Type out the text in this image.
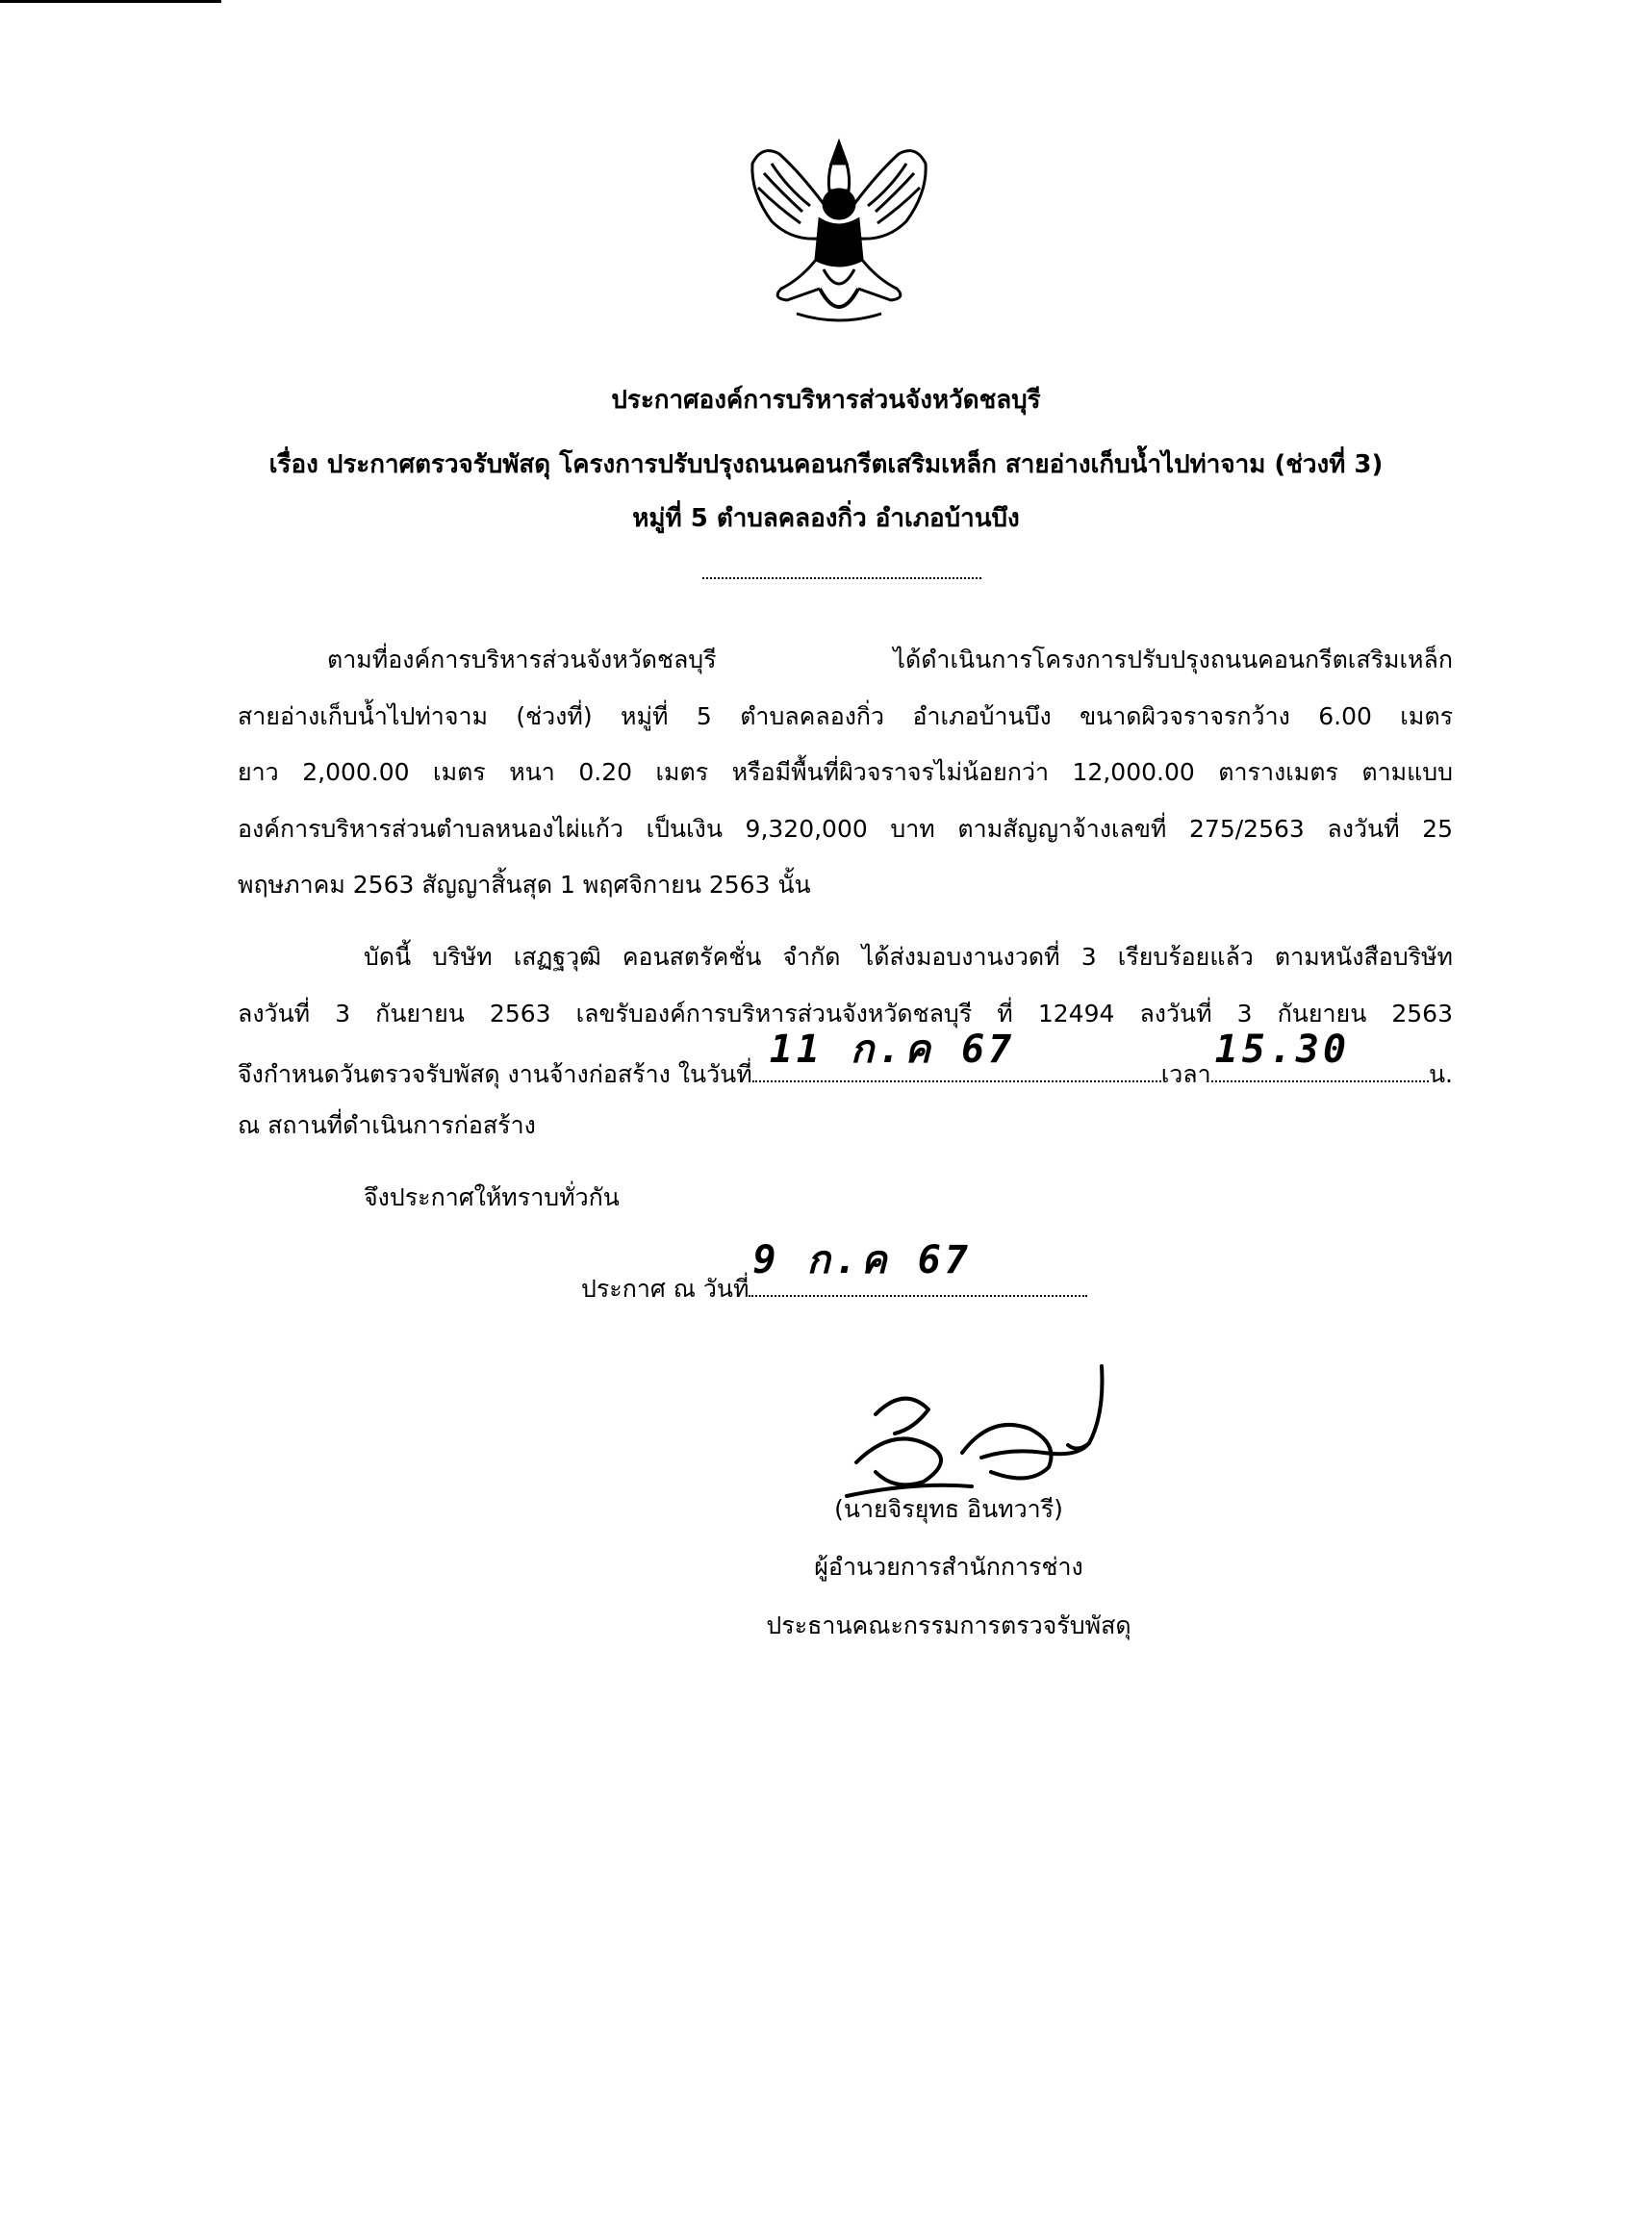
ประกาศองค์การบริหารส่วนจังหวัดชลบุรี
เรื่อง ประกาศตรวจรับพัสดุ โครงการปรับปรุงถนนคอนกรีตเสริมเหล็ก สายอ่างเก็บน้ำไปท่าจาม (ช่วงที่ 3)
หมู่ที่ 5 ตำบลคลองกิ่ว อำเภอบ้านบึง
ตามที่องค์การบริหารส่วนจังหวัดชลบุรี ได้ดำเนินการโครงการปรับปรุงถนนคอนกรีตเสริมเหล็ก
สายอ่างเก็บน้ำไปท่าจาม (ช่วงที่) หมู่ที่ 5 ตำบลคลองกิ่ว อำเภอบ้านบึง ขนาดผิวจราจรกว้าง 6.00 เมตร
ยาว 2,000.00 เมตร หนา 0.20 เมตร หรือมีพื้นที่ผิวจราจรไม่น้อยกว่า 12,000.00 ตารางเมตร ตามแบบ
องค์การบริหารส่วนตำบลหนองไผ่แก้ว เป็นเงิน 9,320,000 บาท ตามสัญญาจ้างเลขที่ 275/2563 ลงวันที่ 25
พฤษภาคม 2563 สัญญาสิ้นสุด 1 พฤศจิกายน 2563 นั้น
บัดนี้ บริษัท เสฏฐวุฒิ คอนสตรัคชั่น จำกัด ได้ส่งมอบงานงวดที่ 3 เรียบร้อยแล้ว ตามหนังสือบริษัท
ลงวันที่ 3 กันยายน 2563 เลขรับองค์การบริหารส่วนจังหวัดชลบุรี ที่ 12494 ลงวันที่ 3 กันยายน 2563
จึงกำหนดวันตรวจรับพัสดุ งานจ้างก่อสร้าง ในวันที่
11 ก.ค 67
เวลา
15.30
น.
ณ สถานที่ดำเนินการก่อสร้าง
จึงประกาศให้ทราบทั่วกัน
ประกาศ ณ วันที่
9 ก.ค 67
(นายจิรยุทธ อินทวารี)
ผู้อำนวยการสำนักการช่าง
ประธานคณะกรรมการตรวจรับพัสดุ
